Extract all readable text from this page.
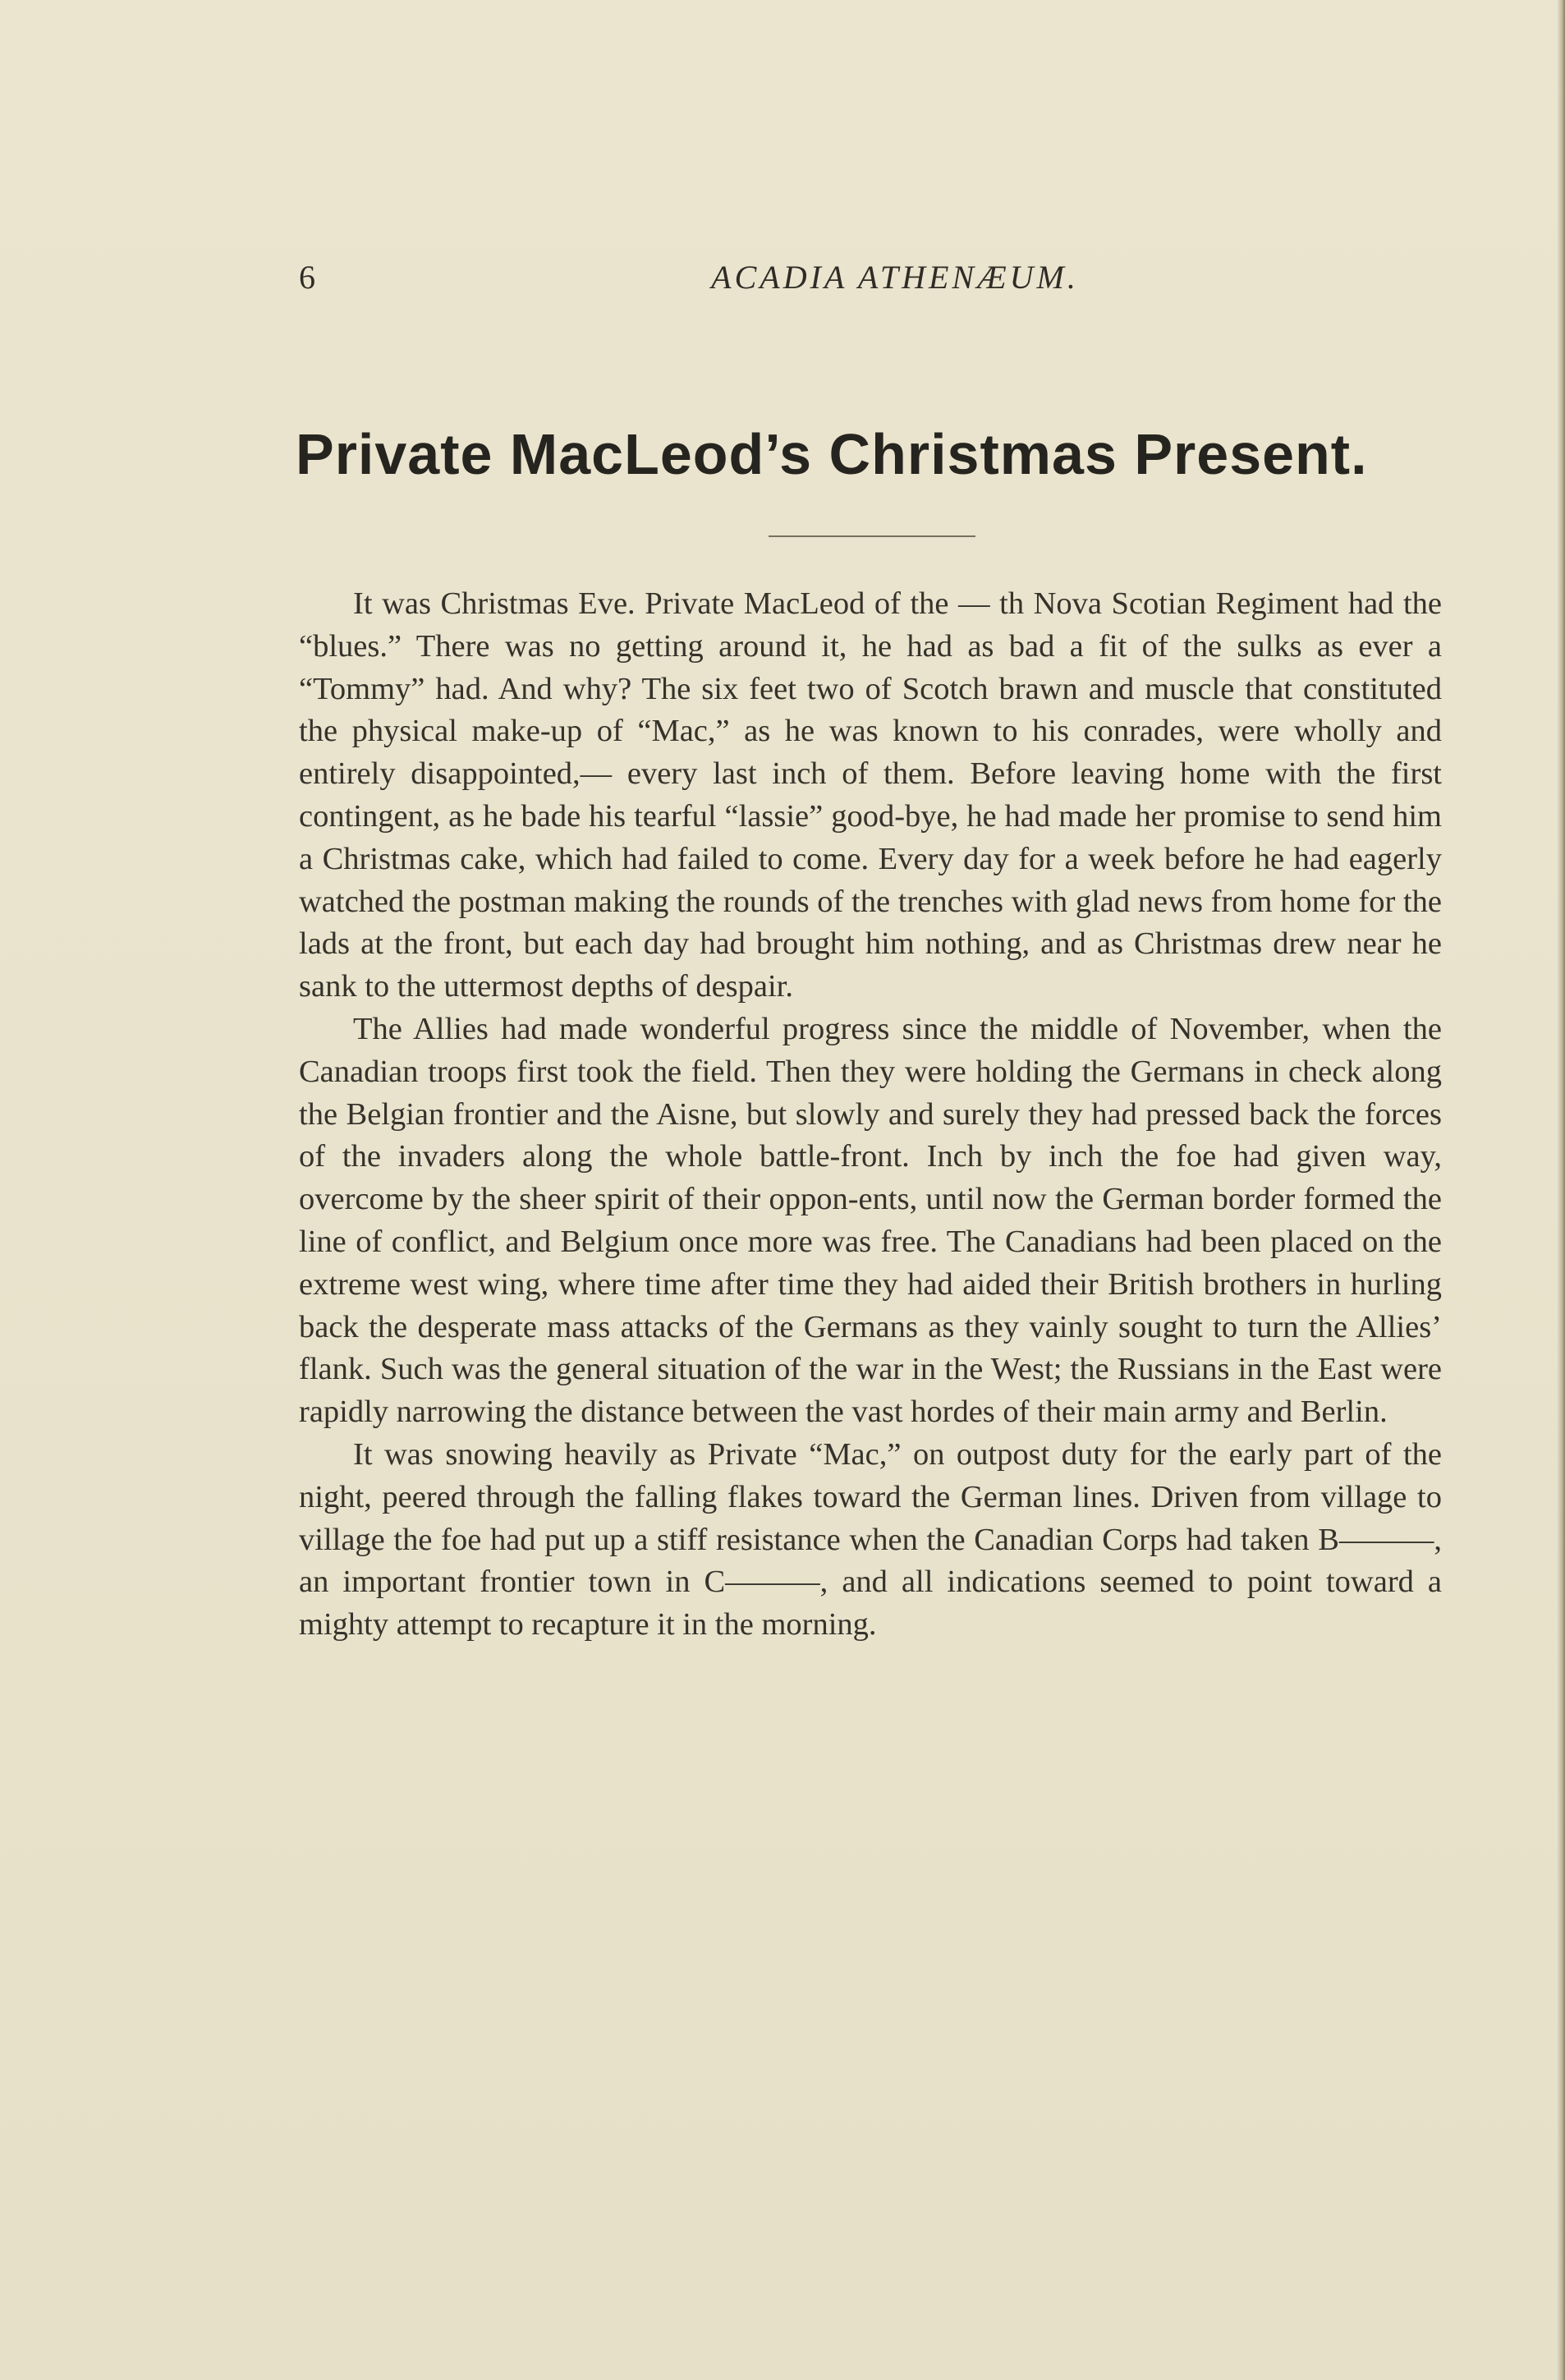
6	ACADIA ATHENÆUM.
Private MacLeod’s Christmas Present.

It was Christmas Eve. Private MacLeod of the — th Nova Scotian Regiment had the “blues.” There was no getting around it, he had as bad a fit of the sulks as ever a “Tommy” had. And why? The six feet two of Scotch brawn and muscle that constituted the physical make-up of “Mac,” as he was known to his conrades, were wholly and entirely disappointed,— every last inch of them. Before leaving home with the first contingent, as he bade his tearful “lassie” good-bye, he had made her promise to send him a Christmas cake, which had failed to come. Every day for a week before he had eagerly watched the postman making the rounds of the trenches with glad news from home for the lads at the front, but each day had brought him nothing, and as Christmas drew near he sank to the uttermost depths of despair.

The Allies had made wonderful progress since the middle of November, when the Canadian troops first took the field. Then they were holding the Germans in check along the Belgian frontier and the Aisne, but slowly and surely they had pressed back the forces of the invaders along the whole battle-front. Inch by inch the foe had given way, overcome by the sheer spirit of their oppon-ents, until now the German border formed the line of conflict, and Belgium once more was free. The Canadians had been placed on the extreme west wing, where time after time they had aided their British brothers in hurling back the desperate mass attacks of the Germans as they vainly sought to turn the Allies’ flank. Such was the general situation of the war in the West; the Russians in the East were rapidly narrowing the distance between the vast hordes of their main army and Berlin.

It was snowing heavily as Private “Mac,” on outpost duty for the early part of the night, peered through the falling flakes toward the German lines. Driven from village to village the foe had put up a stiff resistance when the Canadian Corps had taken B———, an important frontier town in C———, and all indications seemed to point toward a mighty attempt to recapture it in the morning.
